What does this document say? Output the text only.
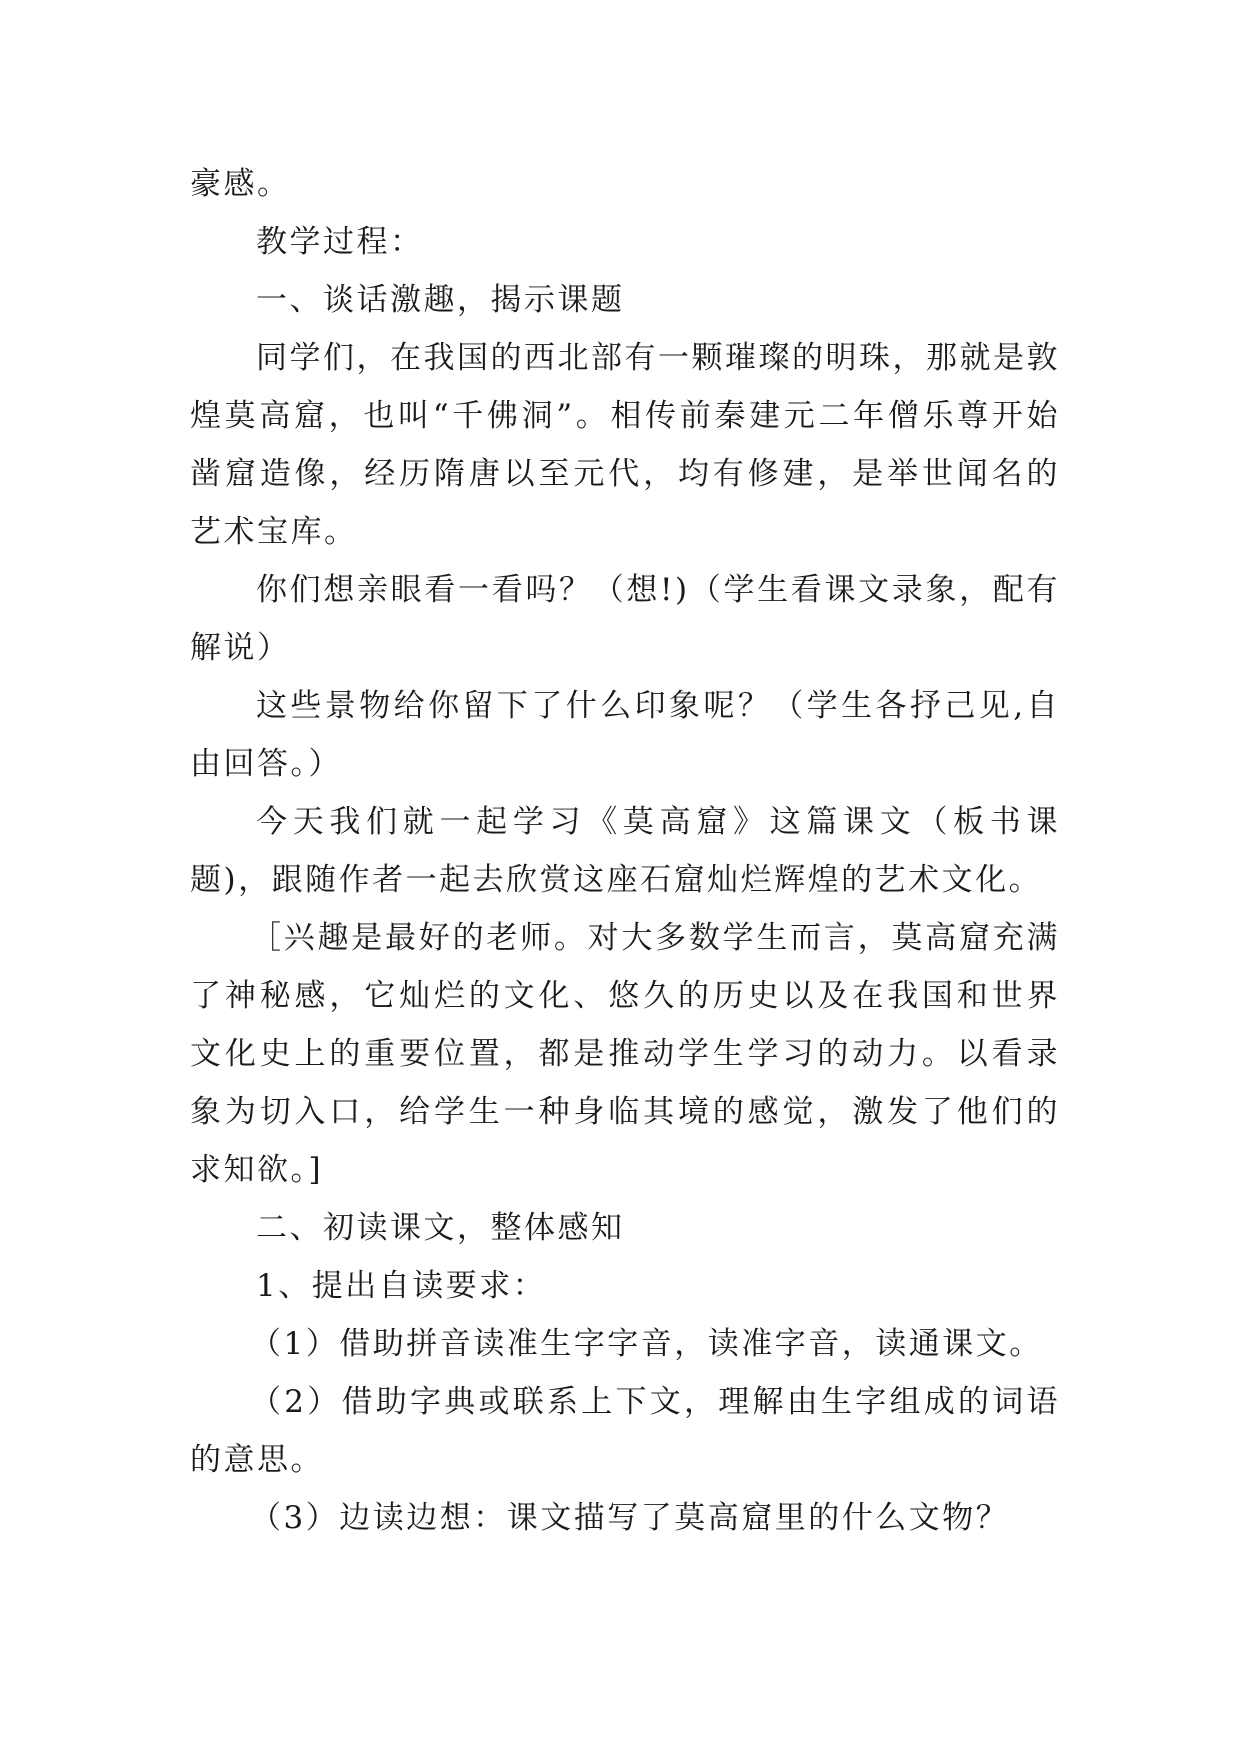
豪感。

教学过程：

一、谈话激趣，揭示课题

同学们，在我国的西北部有一颗璀璨的明珠，那就是敦煌莫高窟，也叫“千佛洞”。相传前秦建元二年僧乐尊开始凿窟造像，经历隋唐以至元代，均有修建，是举世闻名的艺术宝库。

你们想亲眼看一看吗？（想!)（学生看课文录象，配有解说）

这些景物给你留下了什么印象呢？（学生各抒己见,自由回答。）

今天我们就一起学习《莫高窟》这篇课文（板书课题)，跟随作者一起去欣赏这座石窟灿烂辉煌的艺术文化。

［兴趣是最好的老师。对大多数学生而言，莫高窟充满了神秘感，它灿烂的文化、悠久的历史以及在我国和世界文化史上的重要位置，都是推动学生学习的动力。以看录象为切入口，给学生一种身临其境的感觉，激发了他们的求知欲。]

二、初读课文，整体感知

1、提出自读要求：

（1）借助拼音读准生字字音，读准字音，读通课文。

（2）借助字典或联系上下文，理解由生字组成的词语的意思。

（3）边读边想：课文描写了莫高窟里的什么文物？
